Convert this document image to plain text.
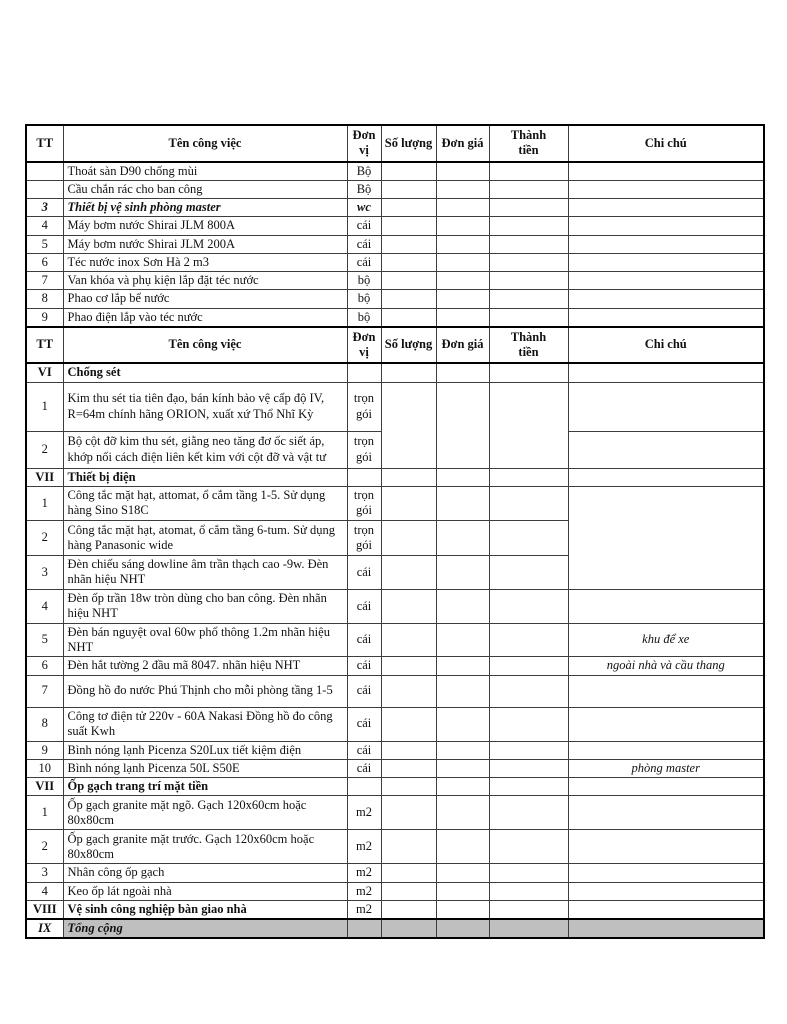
TT	Tên công việc	Đơn vị	Số lượng	Đơn giá	Thành tiền	Chi chú
	Thoát sàn D90 chống mùi	Bộ				
	Cầu chắn rác cho ban công	Bộ				
3	Thiết bị vệ sinh phòng master	wc				
4	Máy bơm nước Shirai JLM 800A	cái				
5	Máy bơm nước Shirai JLM 200A	cái				
6	Téc nước inox Sơn Hà 2 m3	cái				
7	Van khóa và phụ kiện lắp đặt téc nước	bộ				
8	Phao cơ lắp bể nước	bộ				
9	Phao điện lắp vào téc nước	bộ				
TT	Tên công việc	Đơn vị	Số lượng	Đơn giá	Thành tiền	Chi chú
VI	Chống sét					
1	Kim thu sét tia tiên đạo, bán kính bảo vệ cấp độ IV, R=64m chính hãng ORION, xuất xứ Thổ Nhĩ Kỳ	trọn gói				
2	Bộ cột đỡ kim thu sét, giằng neo tăng đơ ốc siết áp, khớp nối cách điện liên kết kim với cột đỡ và vật tư	trọn gói				
VII	Thiết bị điện					
1	Công tắc mặt hạt, attomat, ổ cắm tầng 1-5. Sử dụng hàng Sino S18C	trọn gói				
2	Công tắc mặt hạt, atomat, ổ cắm tầng 6-tum. Sử dụng hàng Panasonic wide	trọn gói				
3	Đèn chiếu sáng dowline âm trần thạch cao -9w. Đèn nhãn hiệu NHT	cái				
4	Đèn ốp trần 18w tròn dùng cho ban công. Đèn nhãn hiệu NHT	cái				
5	Đèn bán nguyệt oval 60w phổ thông 1.2m nhãn hiệu NHT	cái				khu để xe
6	Đèn hắt tường 2 đầu mã 8047. nhãn hiệu NHT	cái				ngoài nhà và cầu thang
7	Đồng hồ đo nước Phú Thịnh cho mỗi phòng tầng 1-5	cái				
8	Công tơ điện tử 220v - 60A Nakasi Đồng hồ đo công suất Kwh	cái				
9	Bình nóng lạnh Picenza S20Lux tiết kiệm điện	cái				
10	Bình nóng lạnh Picenza 50L S50E	cái				phòng master
VII	Ốp gạch trang trí mặt tiền					
1	Ốp gạch granite mặt ngõ. Gạch 120x60cm hoặc 80x80cm	m2				
2	Ốp gạch granite mặt trước. Gạch 120x60cm hoặc 80x80cm	m2				
3	Nhân công ốp gạch	m2				
4	Keo ốp lát ngoài nhà	m2				
VIII	Vệ sinh công nghiệp bàn giao nhà	m2				
IX	Tổng cộng					
